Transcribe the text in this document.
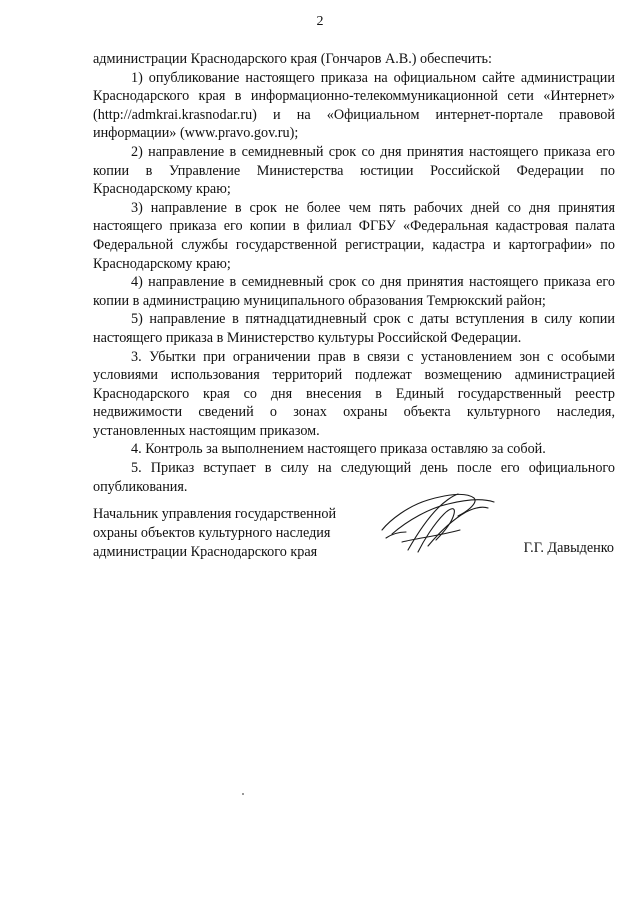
2

администрации Краснодарского края (Гончаров А.В.) обеспечить:

1) опубликование настоящего приказа на официальном сайте администрации Краснодарского края в информационно-телекоммуникационной сети «Интернет» (http://admkrai.krasnodar.ru) и на «Официальном интернет-портале правовой информации» (www.pravo.gov.ru);

2) направление в семидневный срок со дня принятия настоящего приказа его копии в Управление Министерства юстиции Российской Федерации по Краснодарскому краю;

3) направление в срок не более чем пять рабочих дней со дня принятия настоящего приказа его копии в филиал ФГБУ «Федеральная кадастровая палата Федеральной службы государственной регистрации, кадастра и картографии» по Краснодарскому краю;

4) направление в семидневный срок со дня принятия настоящего приказа его копии в администрацию муниципального образования Темрюкский район;

5) направление в пятнадцатидневный срок с даты вступления в силу копии настоящего приказа в Министерство культуры Российской Федерации.

3. Убытки при ограничении прав в связи с установлением зон с особыми условиями использования территорий подлежат возмещению администрацией Краснодарского края со дня внесения в Единый государственный реестр недвижимости сведений о зонах охраны объекта культурного наследия, установленных настоящим приказом.

4. Контроль за выполнением настоящего приказа оставляю за собой.

5. Приказ вступает в силу на следующий день после его официального опубликования.

Начальник управления государственной
охраны объектов культурного наследия
администрации Краснодарского края	Г.Г. Давыденко
